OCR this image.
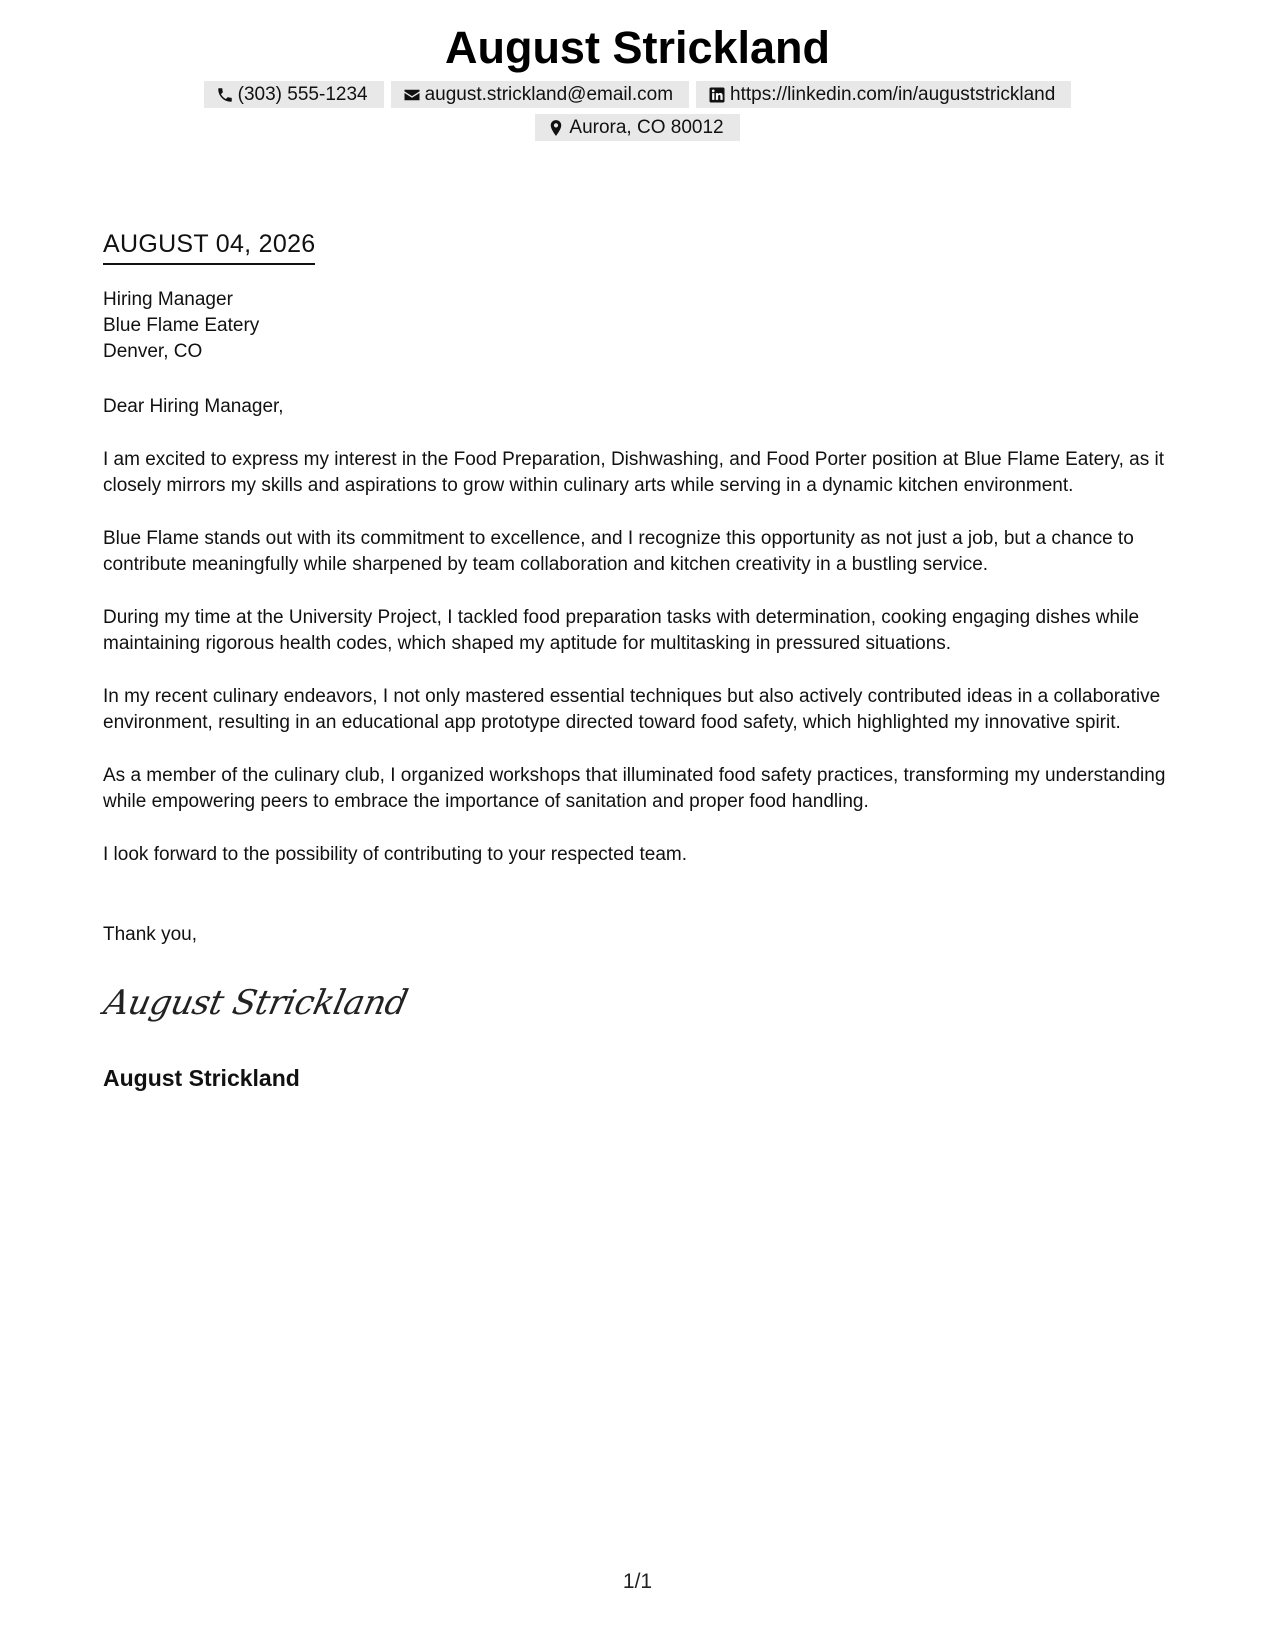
August Strickland
(303) 555-1234	august.strickland@email.com	https://linkedin.com/in/auguststrickland
Aurora, CO 80012
AUGUST 04, 2026
Hiring Manager
Blue Flame Eatery
Denver, CO

Dear Hiring Manager,

I am excited to express my interest in the Food Preparation, Dishwashing, and Food Porter position at Blue Flame Eatery, as it closely mirrors my skills and aspirations to grow within culinary arts while serving in a dynamic kitchen environment.

Blue Flame stands out with its commitment to excellence, and I recognize this opportunity as not just a job, but a chance to contribute meaningfully while sharpened by team collaboration and kitchen creativity in a bustling service.

During my time at the University Project, I tackled food preparation tasks with determination, cooking engaging dishes while maintaining rigorous health codes, which shaped my aptitude for multitasking in pressured situations.

In my recent culinary endeavors, I not only mastered essential techniques but also actively contributed ideas in a collaborative environment, resulting in an educational app prototype directed toward food safety, which highlighted my innovative spirit.

As a member of the culinary club, I organized workshops that illuminated food safety practices, transforming my understanding while empowering peers to embrace the importance of sanitation and proper food handling.

I look forward to the possibility of contributing to your respected team.

Thank you,
August Strickland
August Strickland
1/1
